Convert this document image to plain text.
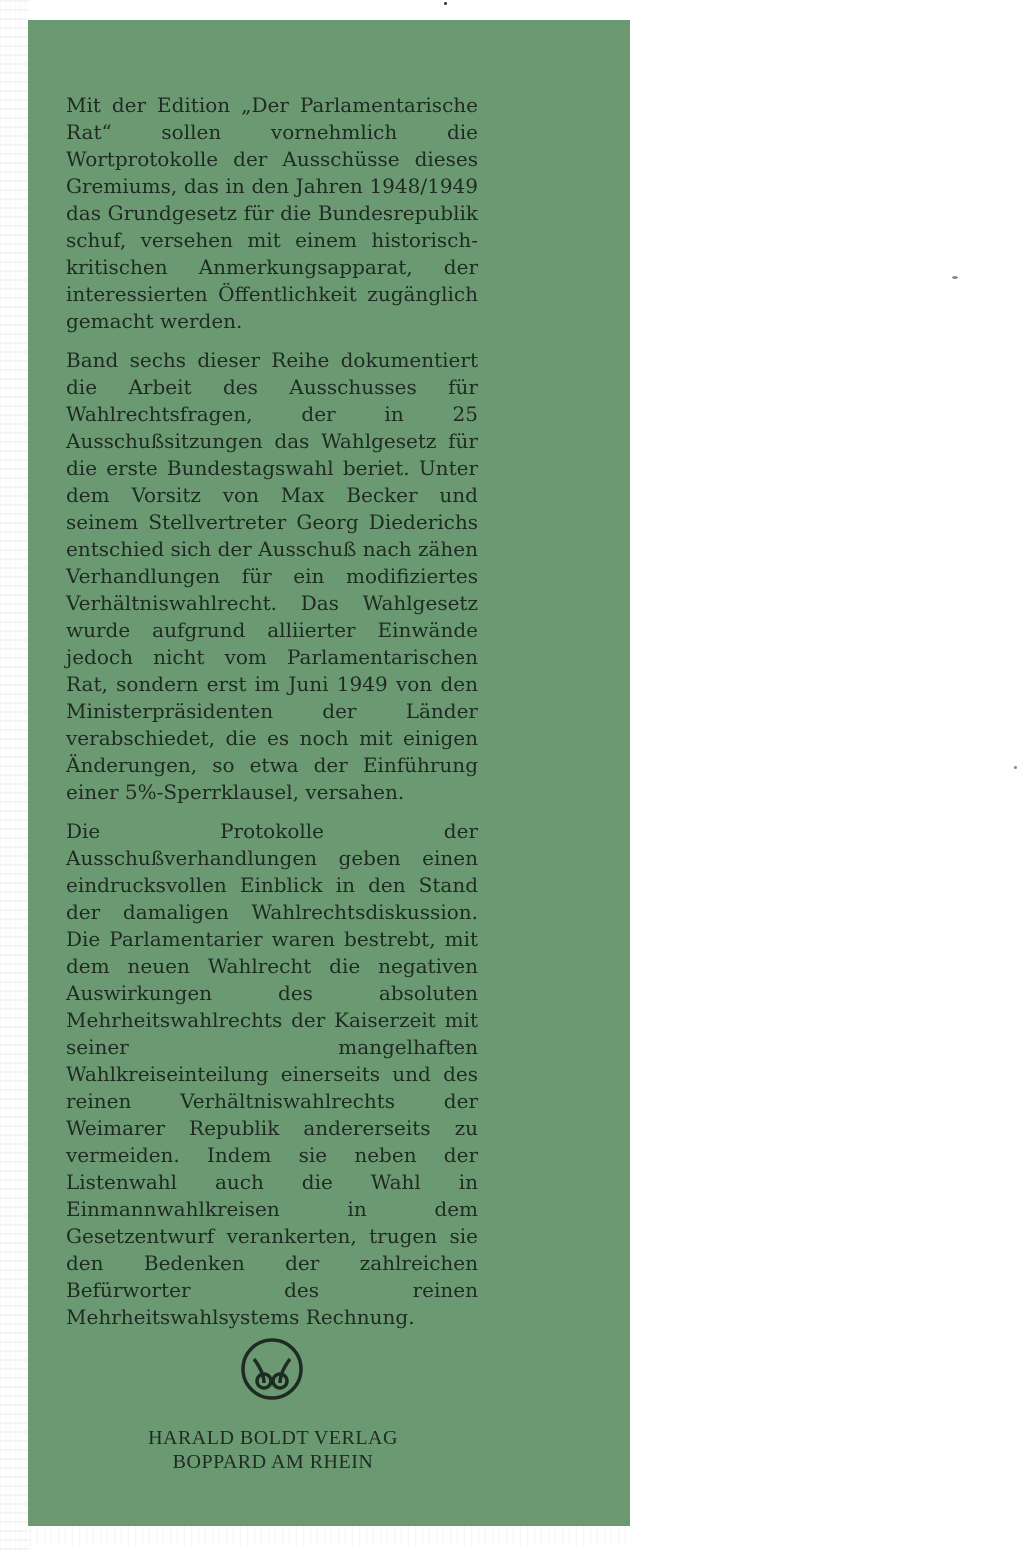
Mit der Edition „Der Parlamentarische Rat“ sollen vornehmlich die Wortprotokolle der Ausschüsse dieses Gremiums, das in den Jahren 1948/1949 das Grundgesetz für die Bundesrepublik schuf, versehen mit einem historisch-kritischen Anmerkungsapparat, der interessierten Öffentlichkeit zugänglich gemacht werden.

Band sechs dieser Reihe dokumentiert die Arbeit des Ausschusses für Wahlrechtsfragen, der in 25 Ausschußsitzungen das Wahlgesetz für die erste Bundestagswahl beriet. Unter dem Vorsitz von Max Becker und seinem Stellvertreter Georg Diederichs entschied sich der Ausschuß nach zähen Verhandlungen für ein modifiziertes Verhältniswahlrecht. Das Wahlgesetz wurde aufgrund alliierter Einwände jedoch nicht vom Parlamentarischen Rat, sondern erst im Juni 1949 von den Ministerpräsidenten der Länder verabschiedet, die es noch mit einigen Änderungen, so etwa der Einführung einer 5%-Sperrklausel, versahen.

Die Protokolle der Ausschußverhandlungen geben einen eindrucksvollen Einblick in den Stand der damaligen Wahlrechtsdiskussion. Die Parlamentarier waren bestrebt, mit dem neuen Wahlrecht die negativen Auswirkungen des absoluten Mehrheitswahlrechts der Kaiserzeit mit seiner mangelhaften Wahlkreiseinteilung einerseits und des reinen Verhältniswahlrechts der Weimarer Republik andererseits zu vermeiden. Indem sie neben der Listenwahl auch die Wahl in Einmannwahlkreisen in dem Gesetzentwurf verankerten, trugen sie den Bedenken der zahlreichen Befürworter des reinen Mehrheitswahlsystems Rechnung.

HARALD BOLDT VERLAG
BOPPARD AM RHEIN
